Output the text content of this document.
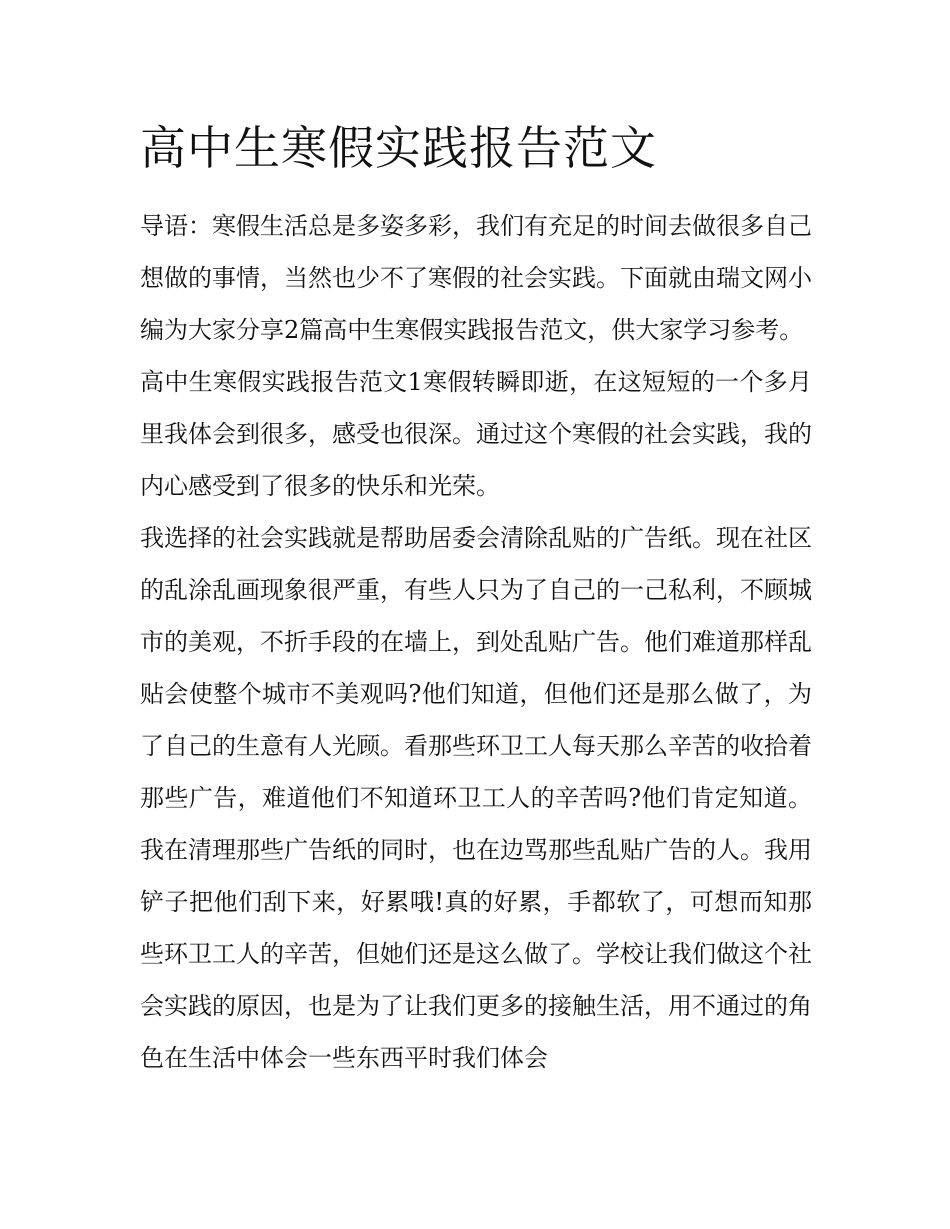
高中生寒假实践报告范文

导语：寒假生活总是多姿多彩，我们有充足的时间去做很多自己想做的事情，当然也少不了寒假的社会实践。下面就由瑞文网小编为大家分享2篇高中生寒假实践报告范文，供大家学习参考。

高中生寒假实践报告范文1寒假转瞬即逝，在这短短的一个多月里我体会到很多，感受也很深。通过这个寒假的社会实践，我的内心感受到了很多的快乐和光荣。

我选择的社会实践就是帮助居委会清除乱贴的广告纸。现在社区的乱涂乱画现象很严重，有些人只为了自己的一己私利，不顾城市的美观，不折手段的在墙上，到处乱贴广告。他们难道那样乱贴会使整个城市不美观吗?他们知道，但他们还是那么做了，为了自己的生意有人光顾。看那些环卫工人每天那么辛苦的收拾着那些广告，难道他们不知道环卫工人的辛苦吗?他们肯定知道。我在清理那些广告纸的同时，也在边骂那些乱贴广告的人。我用铲子把他们刮下来，好累哦!真的好累，手都软了，可想而知那些环卫工人的辛苦，但她们还是这么做了。学校让我们做这个社会实践的原因，也是为了让我们更多的接触生活，用不通过的角色在生活中体会一些东西平时我们体会
